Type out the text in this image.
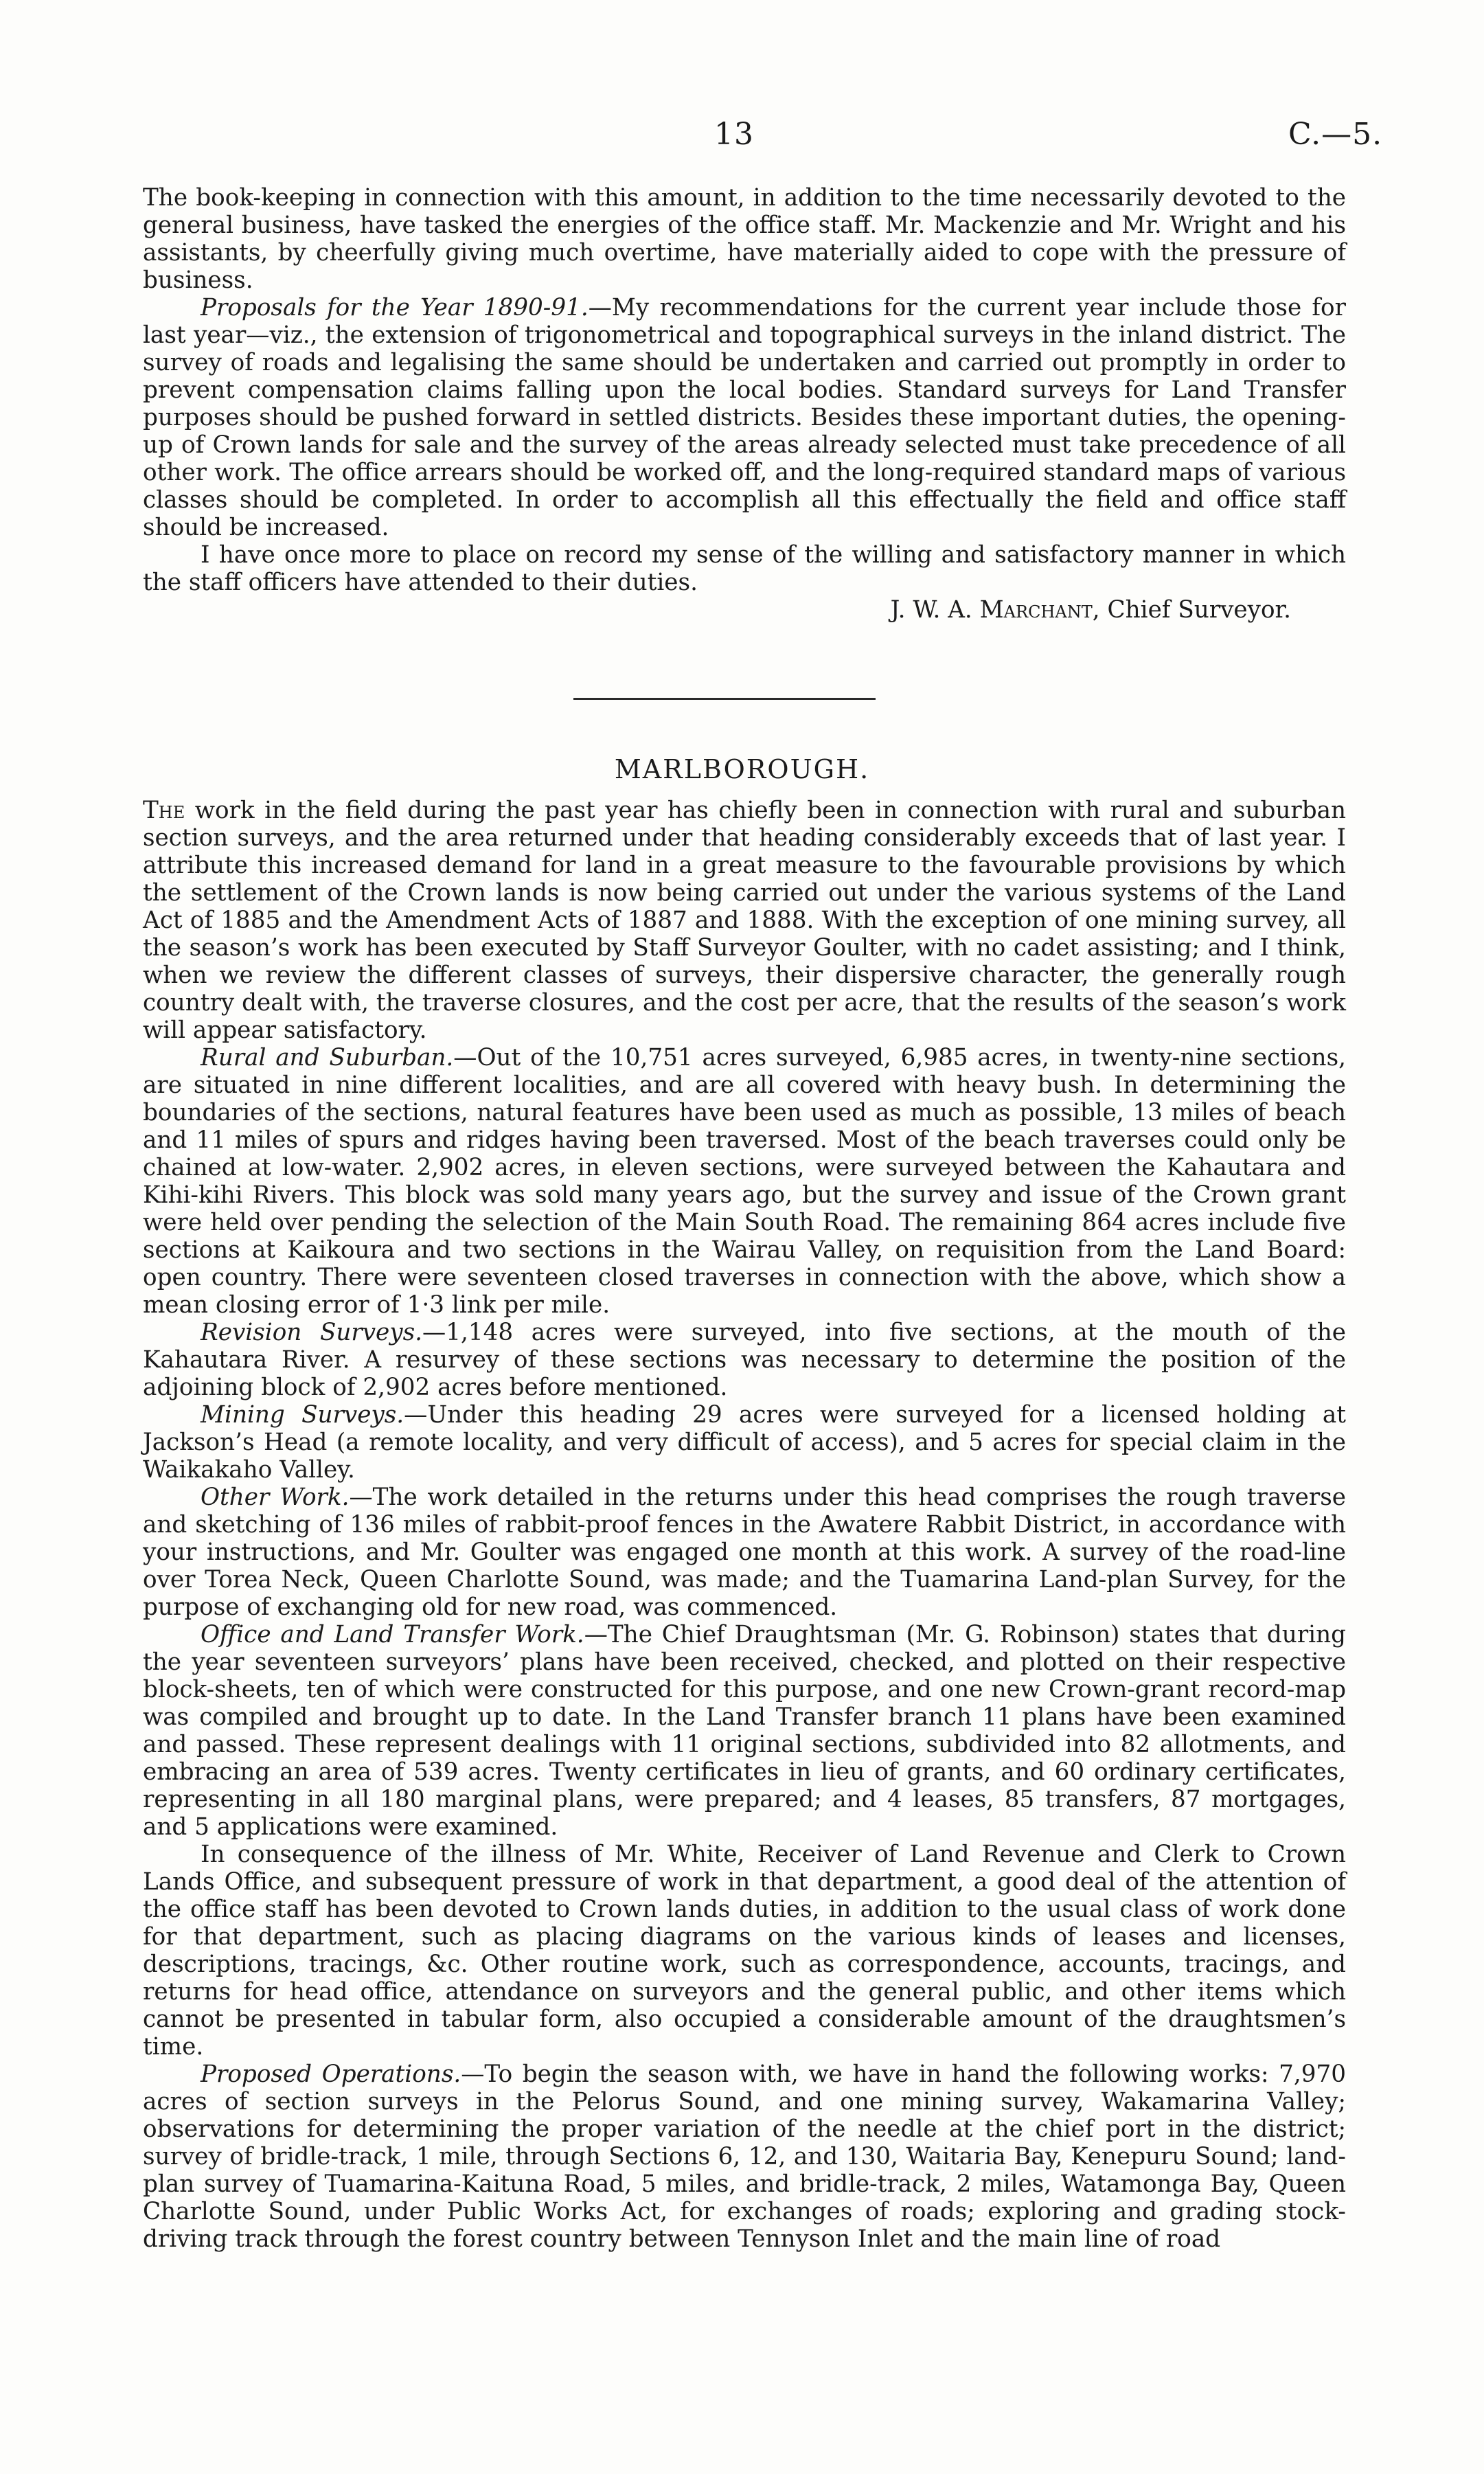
13	C.—5.

The book-keeping in connection with this amount, in addition to the time necessarily devoted to the general business, have tasked the energies of the office staff. Mr. Mackenzie and Mr. Wright and his assistants, by cheerfully giving much overtime, have materially aided to cope with the pressure of business.

Proposals for the Year 1890-91.—My recommendations for the current year include those for last year—viz., the extension of trigonometrical and topographical surveys in the inland district. The survey of roads and legalising the same should be undertaken and carried out promptly in order to prevent compensation claims falling upon the local bodies. Standard surveys for Land Transfer purposes should be pushed forward in settled districts. Besides these important duties, the opening-up of Crown lands for sale and the survey of the areas already selected must take precedence of all other work. The office arrears should be worked off, and the long-required standard maps of various classes should be completed. In order to accomplish all this effectually the field and office staff should be increased.

I have once more to place on record my sense of the willing and satisfactory manner in which the staff officers have attended to their duties.

J. W. A. Marchant, Chief Surveyor.

MARLBOROUGH.

The work in the field during the past year has chiefly been in connection with rural and suburban section surveys, and the area returned under that heading considerably exceeds that of last year. I attribute this increased demand for land in a great measure to the favourable provisions by which the settlement of the Crown lands is now being carried out under the various systems of the Land Act of 1885 and the Amendment Acts of 1887 and 1888. With the exception of one mining survey, all the season’s work has been executed by Staff Surveyor Goulter, with no cadet assisting; and I think, when we review the different classes of surveys, their dispersive character, the generally rough country dealt with, the traverse closures, and the cost per acre, that the results of the season’s work will appear satisfactory.

Rural and Suburban.—Out of the 10,751 acres surveyed, 6,985 acres, in twenty-nine sections, are situated in nine different localities, and are all covered with heavy bush. In determining the boundaries of the sections, natural features have been used as much as possible, 13 miles of beach and 11 miles of spurs and ridges having been traversed. Most of the beach traverses could only be chained at low-water. 2,902 acres, in eleven sections, were surveyed between the Kahautara and Kihi-kihi Rivers. This block was sold many years ago, but the survey and issue of the Crown grant were held over pending the selection of the Main South Road. The remaining 864 acres include five sections at Kaikoura and two sections in the Wairau Valley, on requisition from the Land Board: open country. There were seventeen closed traverses in connection with the above, which show a mean closing error of 1·3 link per mile.

Revision Surveys.—1,148 acres were surveyed, into five sections, at the mouth of the Kahautara River. A resurvey of these sections was necessary to determine the position of the adjoining block of 2,902 acres before mentioned.

Mining Surveys.—Under this heading 29 acres were surveyed for a licensed holding at Jackson’s Head (a remote locality, and very difficult of access), and 5 acres for special claim in the Waikakaho Valley.

Other Work.—The work detailed in the returns under this head comprises the rough traverse and sketching of 136 miles of rabbit-proof fences in the Awatere Rabbit District, in accordance with your instructions, and Mr. Goulter was engaged one month at this work. A survey of the road-line over Torea Neck, Queen Charlotte Sound, was made; and the Tuamarina Land-plan Survey, for the purpose of exchanging old for new road, was commenced.

Office and Land Transfer Work.—The Chief Draughtsman (Mr. G. Robinson) states that during the year seventeen surveyors’ plans have been received, checked, and plotted on their respective block-sheets, ten of which were constructed for this purpose, and one new Crown-grant record-map was compiled and brought up to date. In the Land Transfer branch 11 plans have been examined and passed. These represent dealings with 11 original sections, subdivided into 82 allotments, and embracing an area of 539 acres. Twenty certificates in lieu of grants, and 60 ordinary certificates, representing in all 180 marginal plans, were prepared; and 4 leases, 85 transfers, 87 mortgages, and 5 applications were examined.

In consequence of the illness of Mr. White, Receiver of Land Revenue and Clerk to Crown Lands Office, and subsequent pressure of work in that department, a good deal of the attention of the office staff has been devoted to Crown lands duties, in addition to the usual class of work done for that department, such as placing diagrams on the various kinds of leases and licenses, descriptions, tracings, &c. Other routine work, such as correspondence, accounts, tracings, and returns for head office, attendance on surveyors and the general public, and other items which cannot be presented in tabular form, also occupied a considerable amount of the draughtsmen’s time.

Proposed Operations.—To begin the season with, we have in hand the following works: 7,970 acres of section surveys in the Pelorus Sound, and one mining survey, Wakamarina Valley; observations for determining the proper variation of the needle at the chief port in the district; survey of bridle-track, 1 mile, through Sections 6, 12, and 130, Waitaria Bay, Kenepuru Sound; land-plan survey of Tuamarina-Kaituna Road, 5 miles, and bridle-track, 2 miles, Watamonga Bay, Queen Charlotte Sound, under Public Works Act, for exchanges of roads; exploring and grading stock-driving track through the forest country between Tennyson Inlet and the main line of road
